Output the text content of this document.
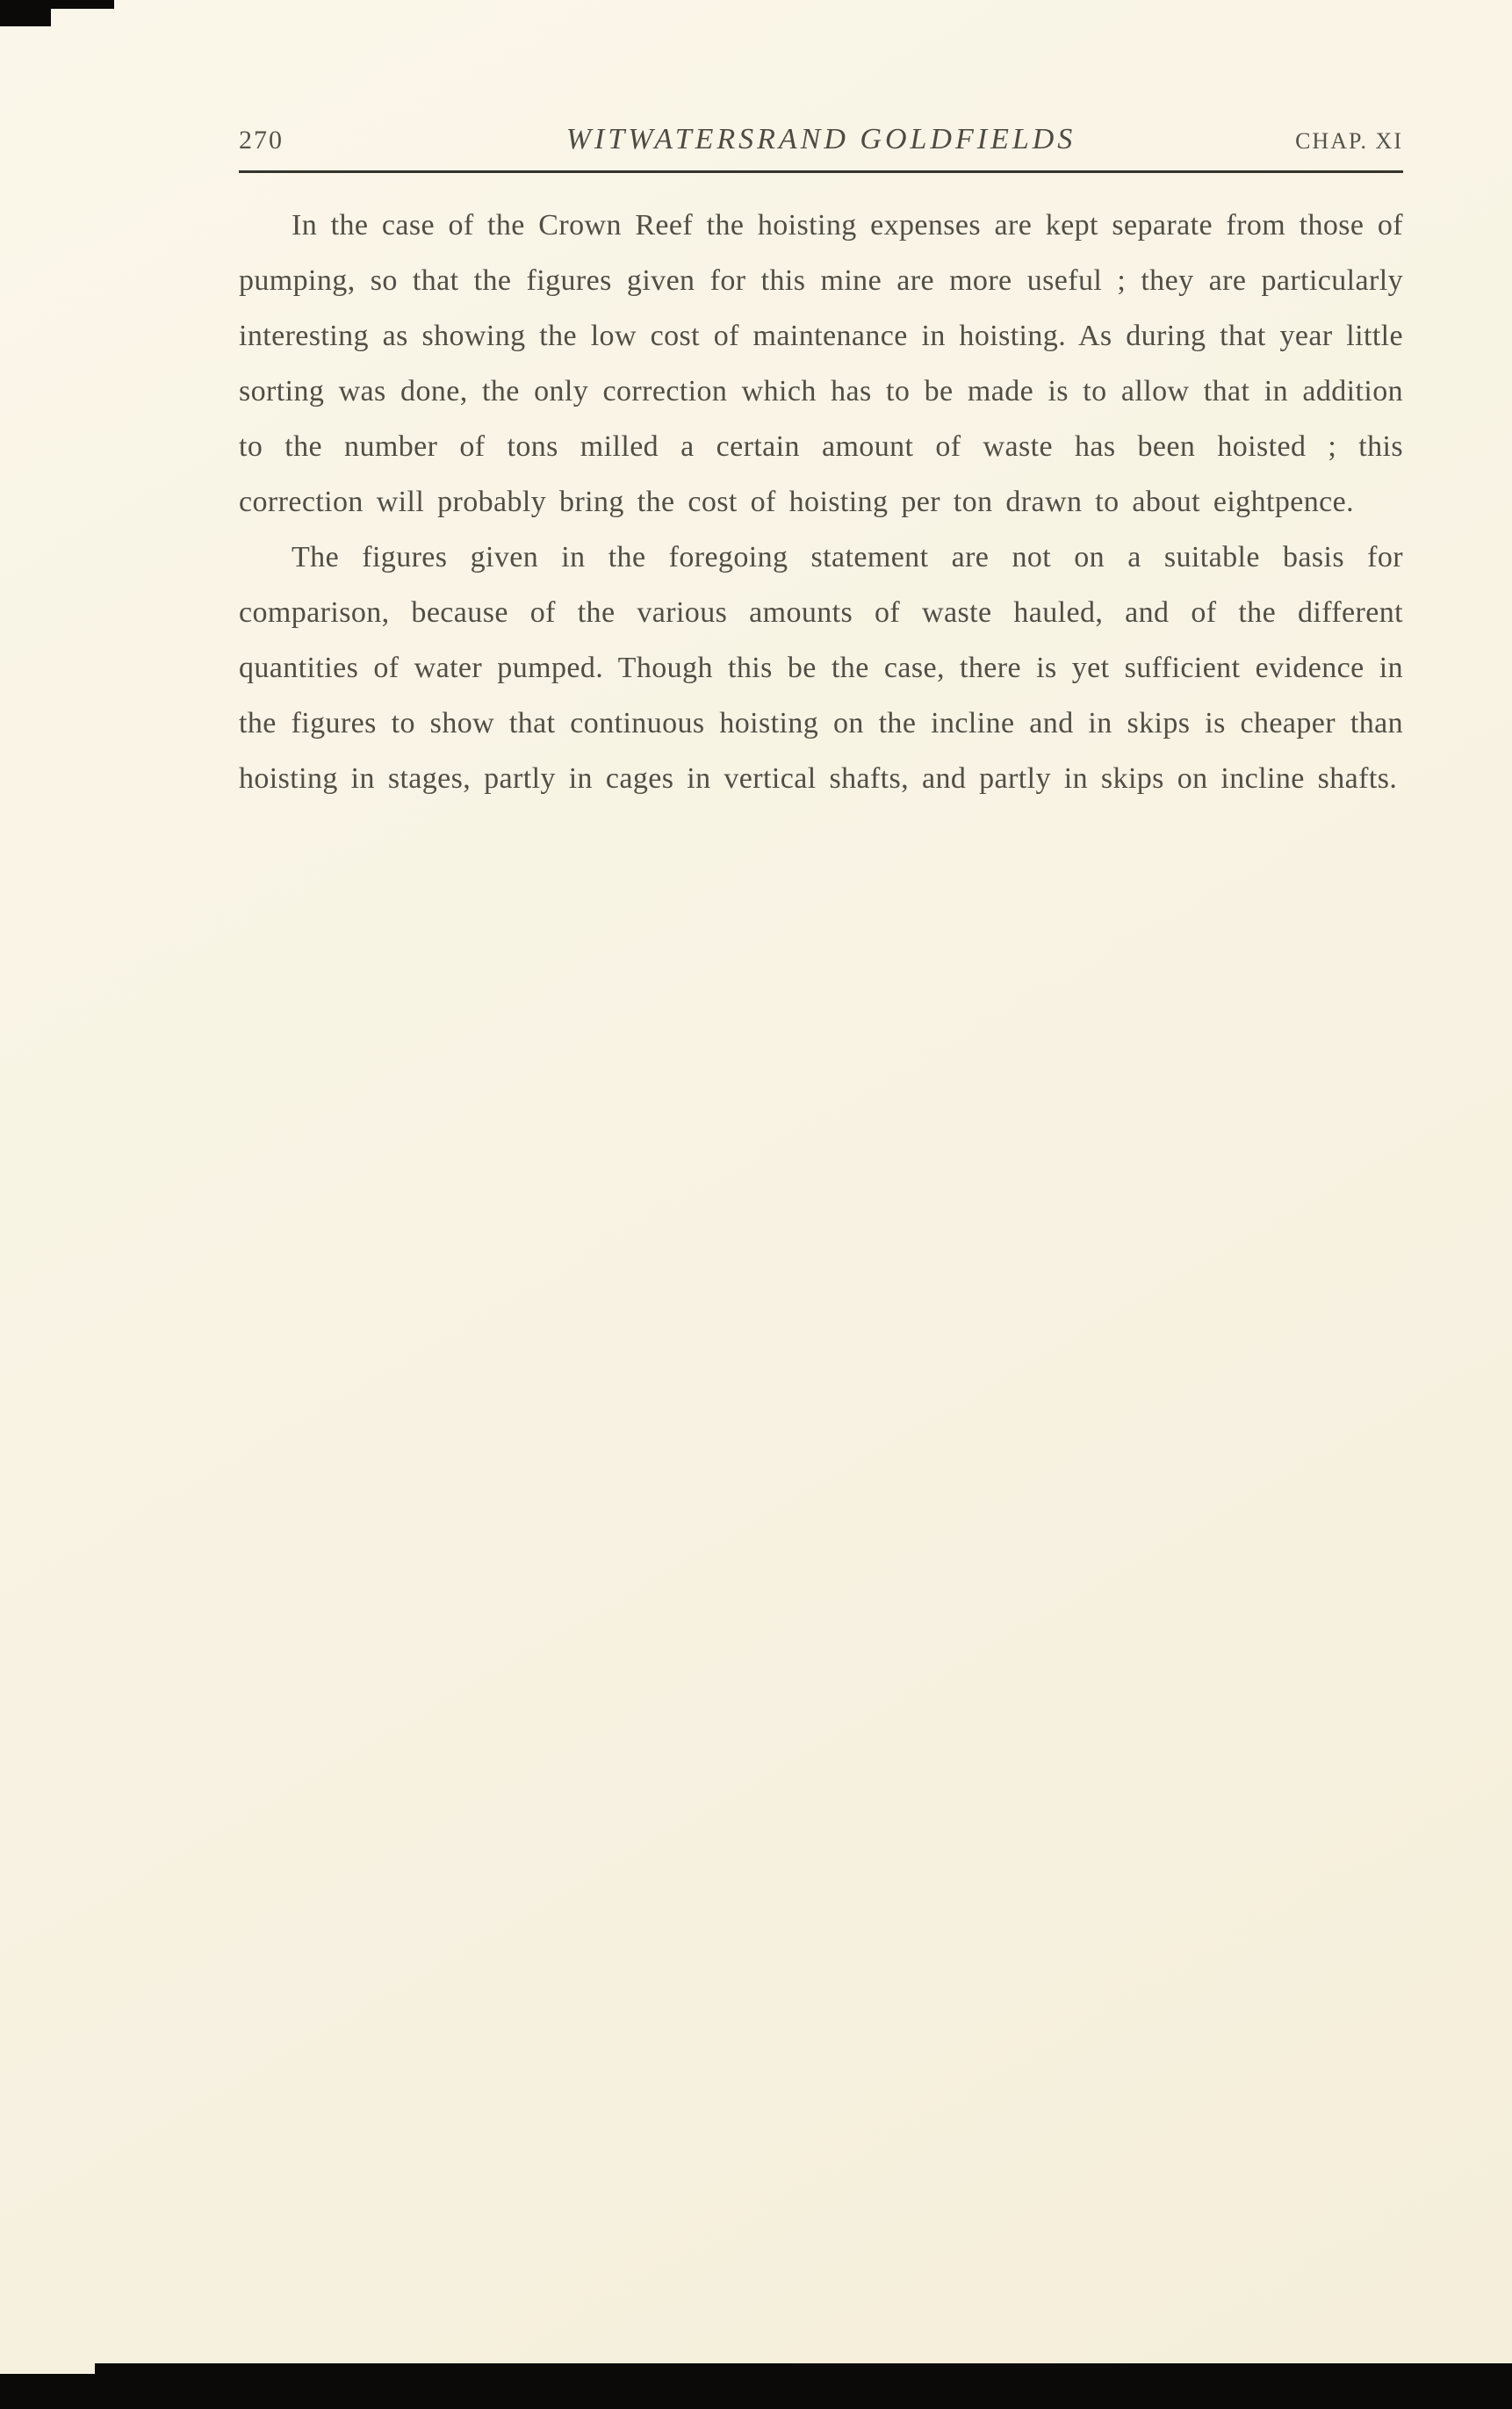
270	WITWATERSRAND GOLDFIELDS	CHAP. XI

In the case of the Crown Reef the hoisting expenses are kept separate from those of pumping, so that the figures given for this mine are more useful ; they are particularly interesting as showing the low cost of maintenance in hoisting. As during that year little sorting was done, the only correction which has to be made is to allow that in addition to the number of tons milled a certain amount of waste has been hoisted ; this correction will probably bring the cost of hoisting per ton drawn to about eightpence.

The figures given in the foregoing statement are not on a suitable basis for comparison, because of the various amounts of waste hauled, and of the different quantities of water pumped. Though this be the case, there is yet sufficient evidence in the figures to show that continuous hoisting on the incline and in skips is cheaper than hoisting in stages, partly in cages in vertical shafts, and partly in skips on incline shafts.
